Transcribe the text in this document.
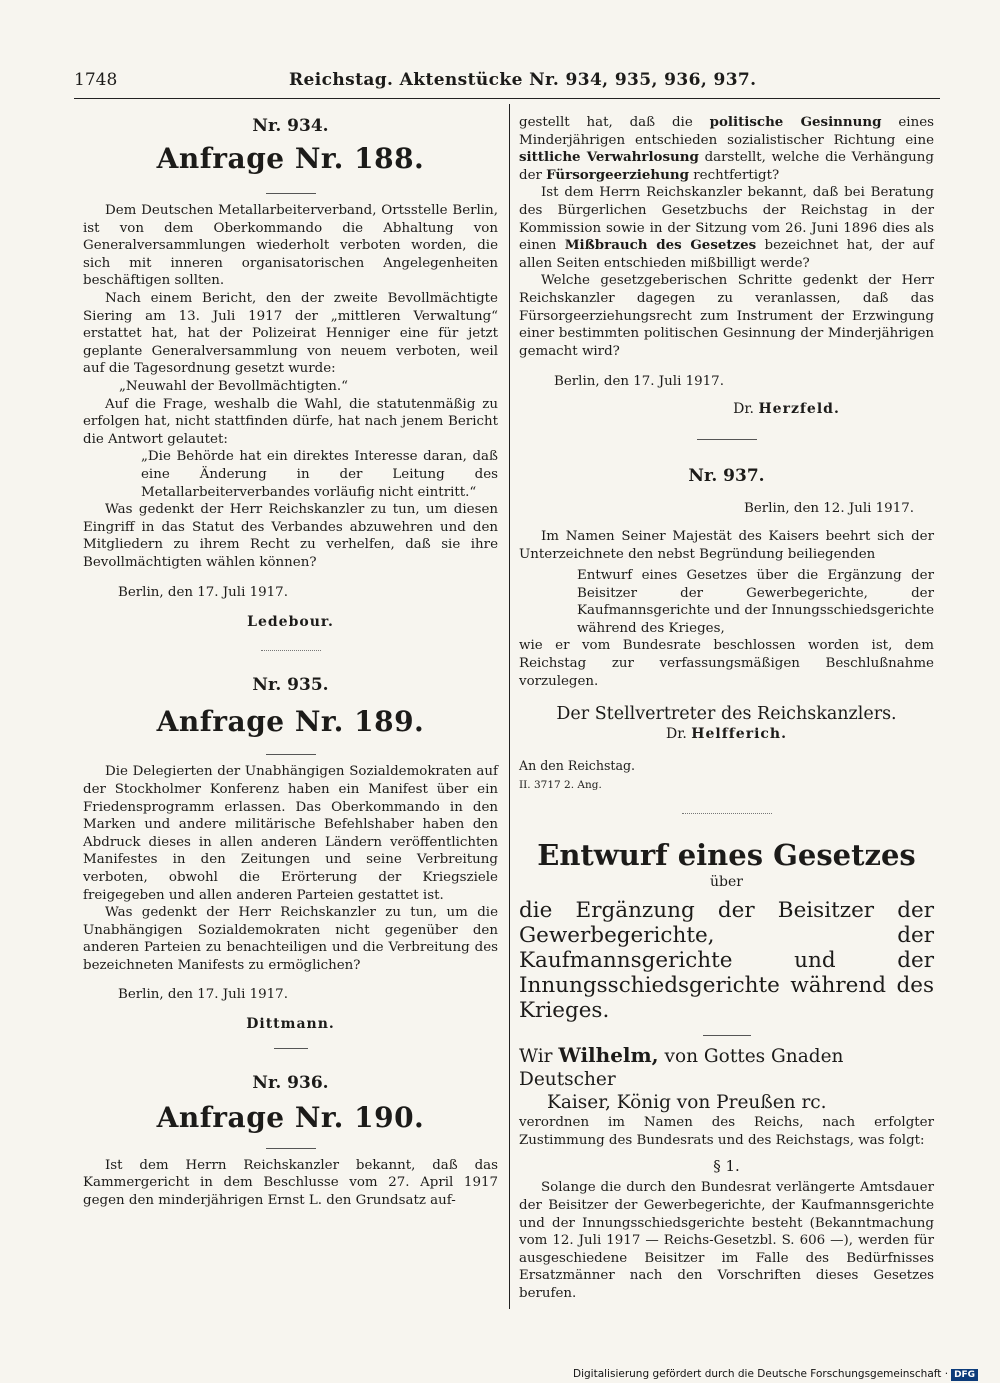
1748	Reichstag. Aktenstücke Nr. 934, 935, 936, 937.

Nr. 934.

Anfrage Nr. 188.

Dem Deutschen Metallarbeiterverband, Ortsstelle Berlin, ist von dem Oberkommando die Abhaltung von Generalversammlungen wiederholt verboten worden, die sich mit inneren organisatorischen Angelegenheiten beschäftigen sollten.

Nach einem Bericht, den der zweite Bevollmächtigte Siering am 13. Juli 1917 der „mittleren Verwaltung“ erstattet hat, hat der Polizeirat Henniger eine für jetzt geplante Generalversammlung von neuem verboten, weil auf die Tagesordnung gesetzt wurde:

„Neuwahl der Bevollmächtigten.“

Auf die Frage, weshalb die Wahl, die statutenmäßig zu erfolgen hat, nicht stattfinden dürfe, hat nach jenem Bericht die Antwort gelautet:

„Die Behörde hat ein direktes Interesse daran, daß eine Änderung in der Leitung des Metallarbeiterverbandes vorläufig nicht eintritt.“

Was gedenkt der Herr Reichskanzler zu tun, um diesen Eingriff in das Statut des Verbandes abzuwehren und den Mitgliedern zu ihrem Recht zu verhelfen, daß sie ihre Bevollmächtigten wählen können?

Berlin, den 17. Juli 1917.

Ledebour.

Nr. 935.

Anfrage Nr. 189.

Die Delegierten der Unabhängigen Sozialdemokraten auf der Stockholmer Konferenz haben ein Manifest über ein Friedensprogramm erlassen. Das Oberkommando in den Marken und andere militärische Befehlshaber haben den Abdruck dieses in allen anderen Ländern veröffentlichten Manifestes in den Zeitungen und seine Verbreitung verboten, obwohl die Erörterung der Kriegsziele freigegeben und allen anderen Parteien gestattet ist.

Was gedenkt der Herr Reichskanzler zu tun, um die Unabhängigen Sozialdemokraten nicht gegenüber den anderen Parteien zu benachteiligen und die Verbreitung des bezeichneten Manifests zu ermöglichen?

Berlin, den 17. Juli 1917.

Dittmann.

Nr. 936.

Anfrage Nr. 190.

Ist dem Herrn Reichskanzler bekannt, daß das Kammergericht in dem Beschlusse vom 27. April 1917 gegen den minderjährigen Ernst L. den Grundsatz auf-

gestellt hat, daß die politische Gesinnung eines Minderjährigen entschieden sozialistischer Richtung eine sittliche Verwahrlosung darstellt, welche die Verhängung der Fürsorgeerziehung rechtfertigt?

Ist dem Herrn Reichskanzler bekannt, daß bei Beratung des Bürgerlichen Gesetzbuchs der Reichstag in der Kommission sowie in der Sitzung vom 26. Juni 1896 dies als einen Mißbrauch des Gesetzes bezeichnet hat, der auf allen Seiten entschieden mißbilligt werde?

Welche gesetzgeberischen Schritte gedenkt der Herr Reichskanzler dagegen zu veranlassen, daß das Fürsorgeerziehungsrecht zum Instrument der Erzwingung einer bestimmten politischen Gesinnung der Minderjährigen gemacht wird?

Berlin, den 17. Juli 1917.

Dr. Herzfeld.

Nr. 937.

Berlin, den 12. Juli 1917.

Im Namen Seiner Majestät des Kaisers beehrt sich der Unterzeichnete den nebst Begründung beiliegenden

Entwurf eines Gesetzes über die Ergänzung der Beisitzer der Gewerbegerichte, der Kaufmannsgerichte und der Innungsschiedsgerichte während des Krieges,

wie er vom Bundesrate beschlossen worden ist, dem Reichstag zur verfassungsmäßigen Beschlußnahme vorzulegen.

Der Stellvertreter des Reichskanzlers.

Dr. Helfferich.

An den Reichstag.

II. 3717 2. Ang.

Entwurf eines Gesetzes

über

die Ergänzung der Beisitzer der Gewerbegerichte, der Kaufmannsgerichte und der Innungsschiedsgerichte während des Krieges.

Wir Wilhelm, von Gottes Gnaden Deutscher

Kaiser, König von Preußen rc.

verordnen im Namen des Reichs, nach erfolgter Zustimmung des Bundesrats und des Reichstags, was folgt:

§ 1.

Solange die durch den Bundesrat verlängerte Amtsdauer der Beisitzer der Gewerbegerichte, der Kaufmannsgerichte und der Innungsschiedsgerichte besteht (Bekanntmachung vom 12. Juli 1917 — Reichs-Gesetzbl. S. 606 —), werden für ausgeschiedene Beisitzer im Falle des Bedürfnisses Ersatzmänner nach den Vorschriften dieses Gesetzes berufen.

Digitalisierung gefördert durch die Deutsche Forschungsgemeinschaft · DFG
